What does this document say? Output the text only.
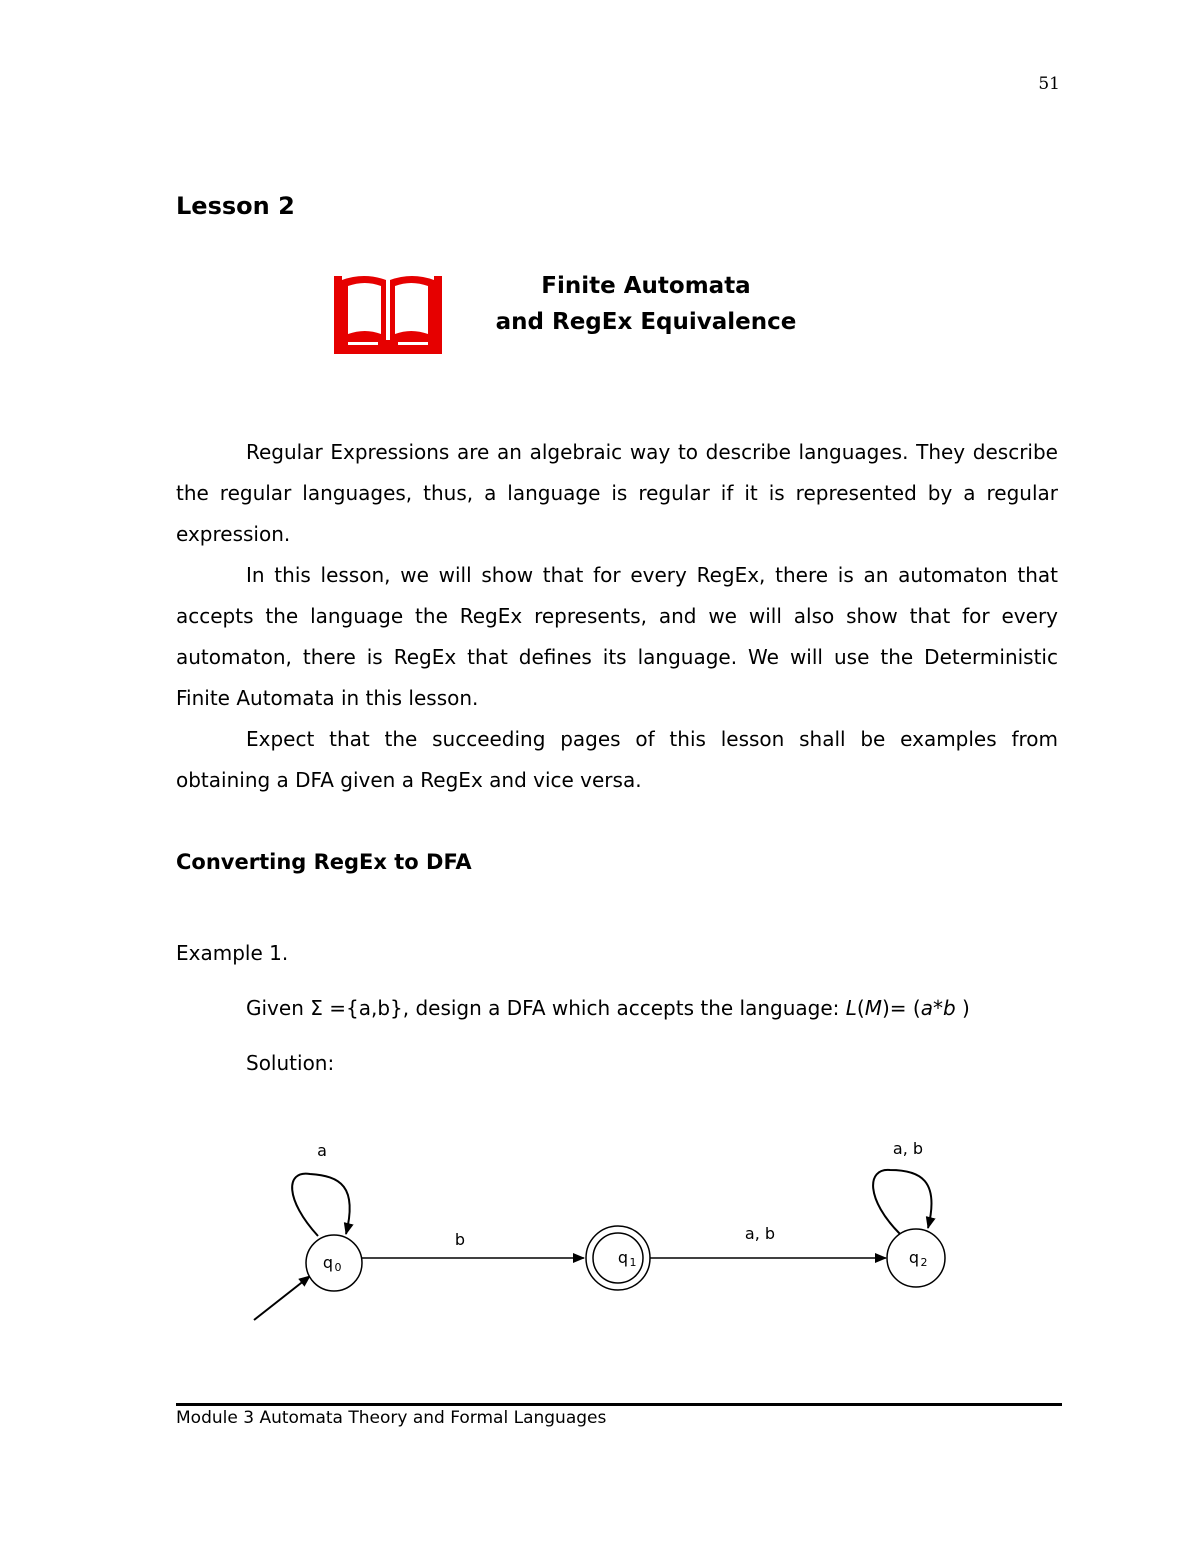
51
Lesson 2
Finite Automata
and RegEx Equivalence

Regular Expressions are an algebraic way to describe languages. They describe the regular languages, thus, a language is regular if it is represented by a regular expression.

In this lesson, we will show that for every RegEx, there is an automaton that accepts the language the RegEx represents, and we will also show that for every automaton, there is RegEx that defines its language. We will use the Deterministic Finite Automata in this lesson.

Expect that the succeeding pages of this lesson shall be examples from obtaining a DFA given a RegEx and vice versa.

Converting RegEx to DFA
Example 1.
Given Σ ={a,b}, design a DFA which accepts the language: L(M)= (a*b )
Solution:
a
q 0
b
q 1
a, b
a, b
q 2
Module 3 Automata Theory and Formal Languages
